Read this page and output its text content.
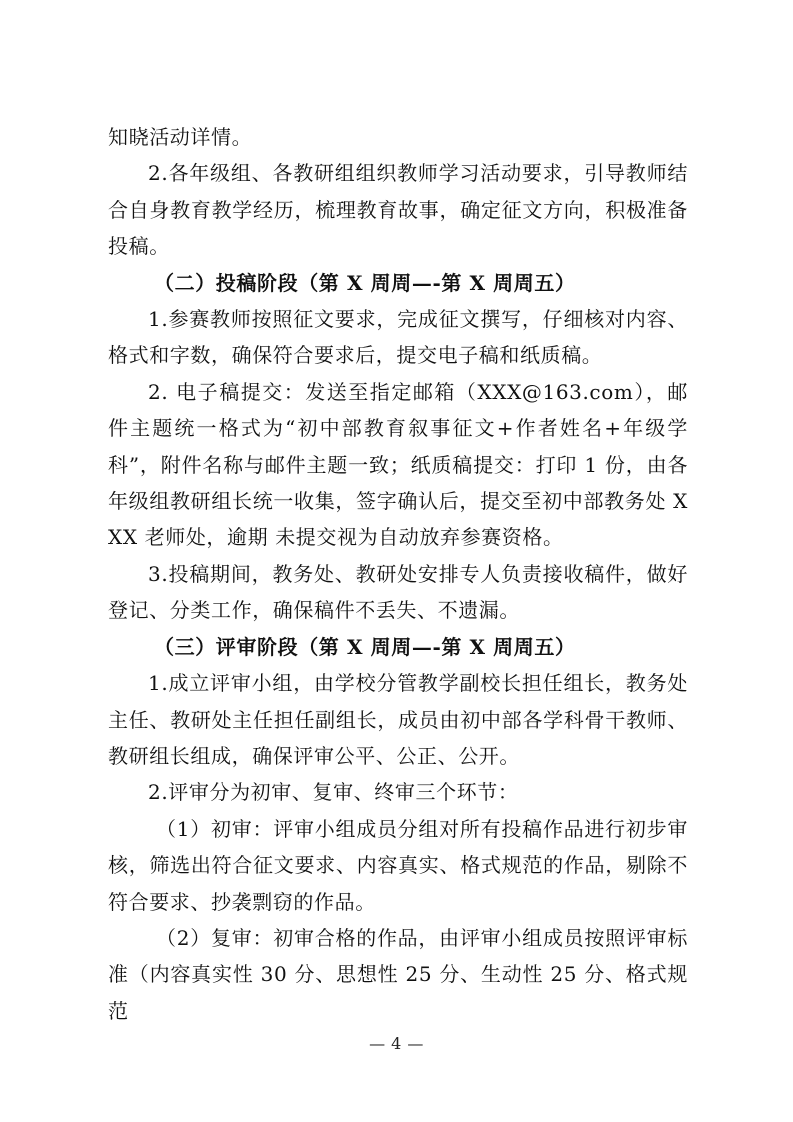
知晓活动详情。

2.各年级组、各教研组组织教师学习活动要求，引导教师结合自身教育教学经历，梳理教育故事，确定征文方向，积极准备投稿。

（二）投稿阶段（第 X 周周—-第 X 周周五）

1.参赛教师按照征文要求，完成征文撰写，仔细核对内容、格式和字数，确保符合要求后，提交电子稿和纸质稿。

2. 电子稿提交：发送至指定邮箱（XXX@163.com），邮件主题统一格式为“初中部教育叙事征文+作者姓名+年级学科”，附件名称与邮件主题一致；纸质稿提交：打印 1 份，由各年级组教研组长统一收集，签字确认后，提交至初中部教务处 XXX 老师处，逾期 未提交视为自动放弃参赛资格。

3.投稿期间，教务处、教研处安排专人负责接收稿件，做好登记、分类工作，确保稿件不丢失、不遗漏。

（三）评审阶段（第 X 周周—-第 X 周周五）

1.成立评审小组，由学校分管教学副校长担任组长，教务处主任、教研处主任担任副组长，成员由初中部各学科骨干教师、教研组长组成，确保评审公平、公正、公开。

2.评审分为初审、复审、终审三个环节：

（1）初审：评审小组成员分组对所有投稿作品进行初步审核，筛选出符合征文要求、内容真实、格式规范的作品，剔除不符合要求、抄袭剽窃的作品。

（2）复审：初审合格的作品，由评审小组成员按照评审标准（内容真实性 30 分、思想性 25 分、生动性 25 分、格式规范

— 4 —
